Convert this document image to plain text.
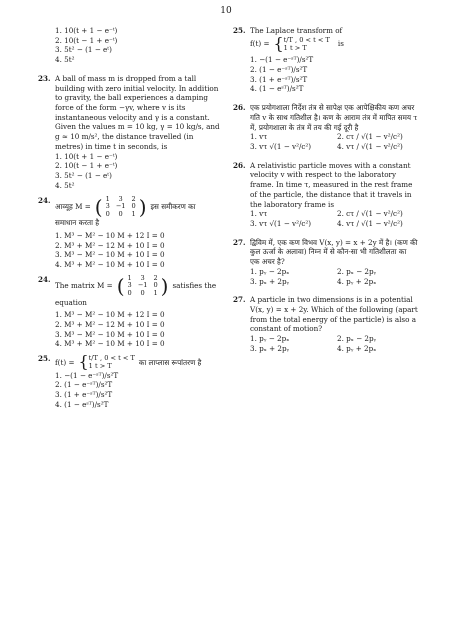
10

1. 10(t + 1 − e⁻ᵗ)

2. 10(t − 1 + e⁻ᵗ)

3. 5t² − (1 − eᵗ)

4. 5t²

23. A ball of mass m is dropped from a tall building with zero initial velocity. In addition to gravity, the ball experiences a damping force of the form −γv, where v is its instantaneous velocity and γ is a constant. Given the values m = 10 kg, γ = 10 kg/s, and g ≈ 10 m/s², the distance travelled (in metres) in time t in seconds, is

1. 10(t + 1 − e⁻ᵗ)

2. 10(t − 1 + e⁻ᵗ)

3. 5t² − (1 − eᵗ)

4. 5t²

24.
आव्यूह M = ( 1	3	2
3	−1	0
0	0	1 ) इस समीकरण का

समाधान करता है

1. M³ − M² − 10 M + 12 I = 0

2. M³ + M² − 12 M + 10 I = 0

3. M³ − M² − 10 M + 10 I = 0

4. M³ + M² − 10 M + 10 I = 0

24.
The matrix M = ( 1	3	2
3	−1	0
0	0	1 ) satisfies the

equation

1. M³ − M² − 10 M + 12 I = 0

2. M³ + M² − 12 M + 10 I = 0

3. M³ − M² − 10 M + 10 I = 0

4. M³ + M² − 10 M + 10 I = 0

25. f(t) = { t/T , 0 < t < T
1 t > T	का लाप्लास रूपांतरण है

1. −(1 − e⁻ˢᵀ)/s²T

2. (1 − e⁻ˢᵀ)/s²T

3. (1 + e⁻ˢᵀ)/s²T

4. (1 − eˢᵀ)/s²T

25. The Laplace transform of

f(t) = { t/T , 0 < t < T
1 t > T	is

1. −(1 − e⁻ˢᵀ)/s²T

2. (1 − e⁻ˢᵀ)/s²T

3. (1 + e⁻ˢᵀ)/s²T

4. (1 − eˢᵀ)/s²T

26. एक प्रयोगशाला निर्देश तंत्र से सापेक्ष एक आपेक्षिकीय कण अचर गति v के साथ गतिशील है। कण के आराम तंत्र में मापित समय τ में, प्रयोगशाला के तंत्र में तय की गई दूरी है

1. vτ	2. cτ / √(1 − v²/c²)

3. vτ √(1 − v²/c²)	4. vτ / √(1 − v²/c²)

26. A relativistic particle moves with a constant velocity v with respect to the laboratory frame. In time τ, measured in the rest frame of the particle, the distance that it travels in the laboratory frame is

1. vτ	2. cτ / √(1 − v²/c²)

3. vτ √(1 − v²/c²)	4. vτ / √(1 − v²/c²)

27. द्विविम में, एक कण विभव V(x, y) = x + 2y में है। (कण की कुल ऊर्जा के अलावा) निम्न में से कौन-सा भी गतिशीलता का एक अचर है?

1. pᵧ − 2pₓ	2. pₓ − 2pᵧ

3. pₓ + 2pᵧ	4. pᵧ + 2pₓ

27. A particle in two dimensions is in a potential V(x, y) = x + 2y. Which of the following (apart from the total energy of the particle) is also a constant of motion?

1. pᵧ − 2pₓ	2. pₓ − 2pᵧ

3. pₓ + 2pᵧ	4. pᵧ + 2pₓ
